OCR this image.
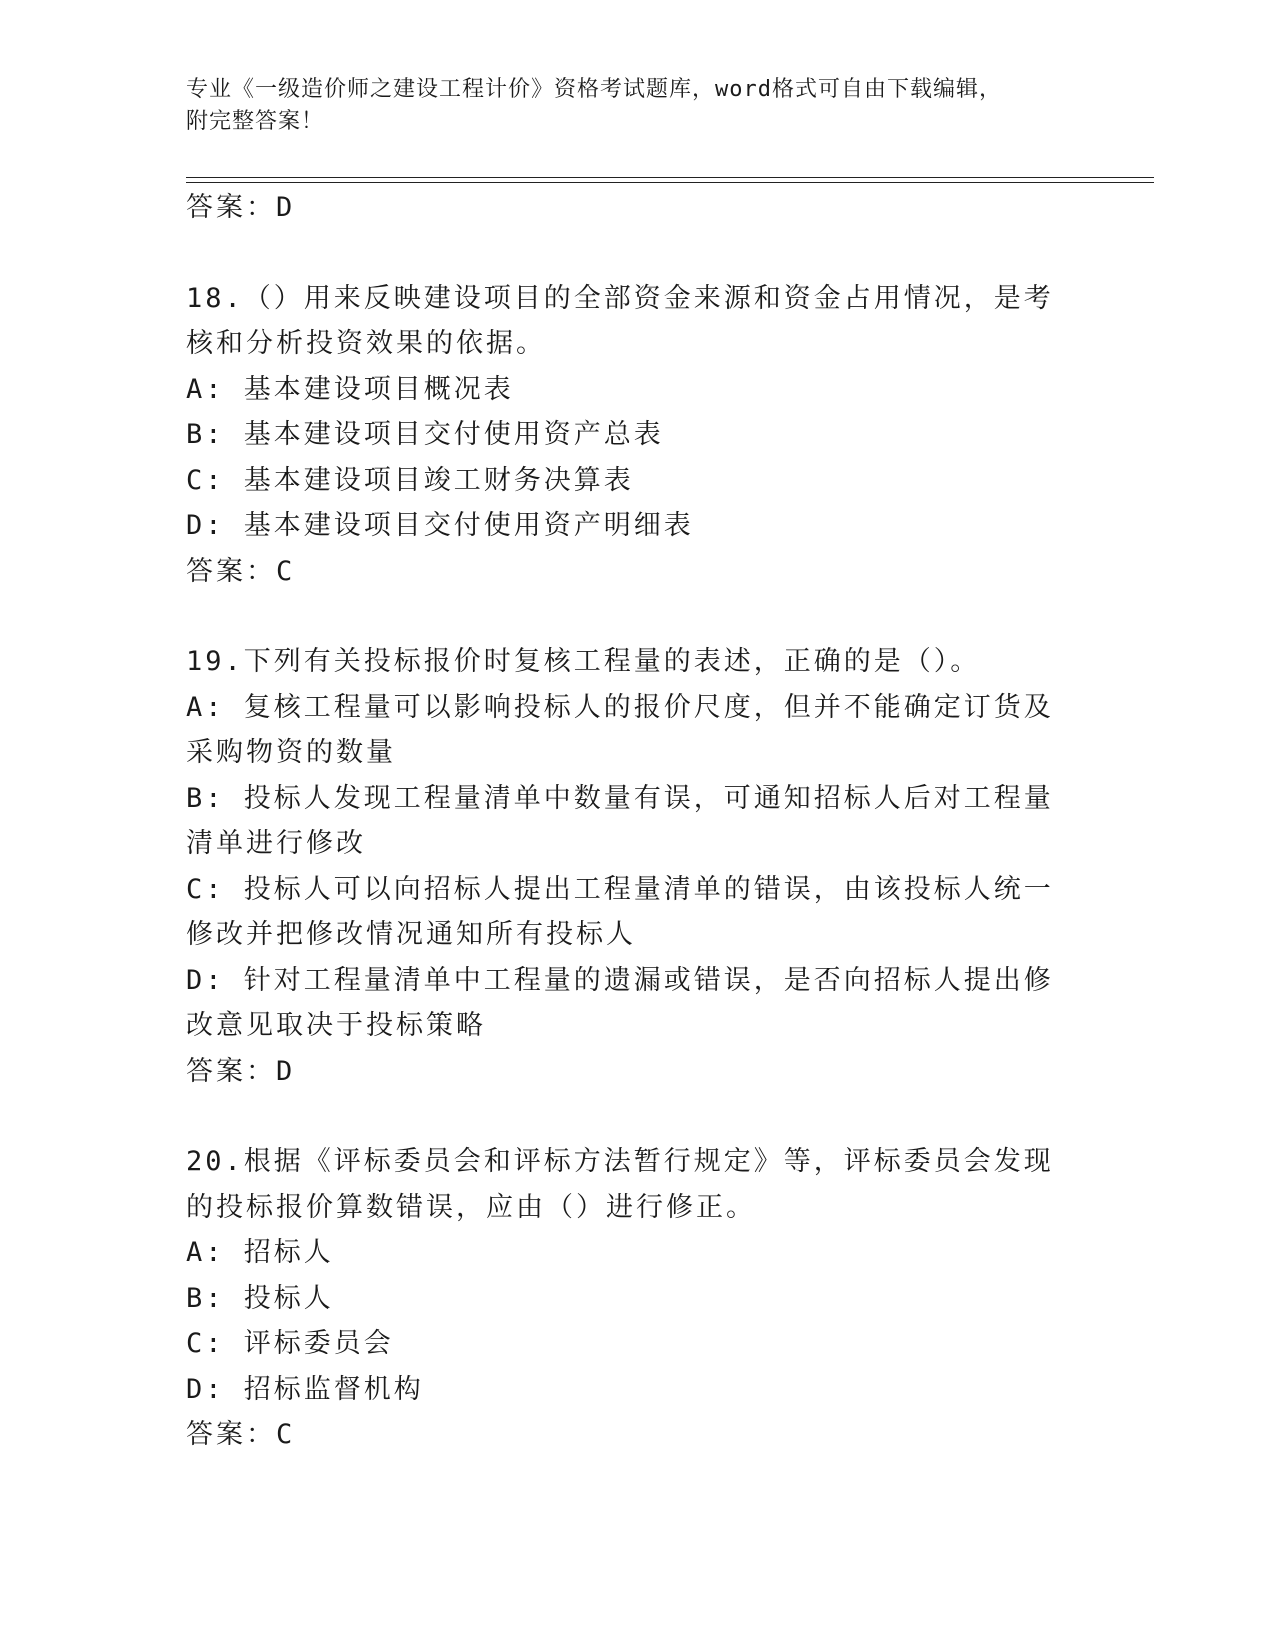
专业《一级造价师之建设工程计价》资格考试题库，word格式可自由下载编辑，
附完整答案！

答案：D

18.（）用来反映建设项目的全部资金来源和资金占用情况，是考核和分析投资效果的依据。

A: 基本建设项目概况表

B: 基本建设项目交付使用资产总表

C: 基本建设项目竣工财务决算表

D: 基本建设项目交付使用资产明细表

答案：C

19.下列有关投标报价时复核工程量的表述，正确的是（）。

A: 复核工程量可以影响投标人的报价尺度，但并不能确定订货及采购物资的数量

B: 投标人发现工程量清单中数量有误，可通知招标人后对工程量清单进行修改

C: 投标人可以向招标人提出工程量清单的错误，由该投标人统一修改并把修改情况通知所有投标人

D: 针对工程量清单中工程量的遗漏或错误，是否向招标人提出修改意见取决于投标策略

答案：D

20.根据《评标委员会和评标方法暂行规定》等，评标委员会发现的投标报价算数错误，应由（）进行修正。

A: 招标人

B: 投标人

C: 评标委员会

D: 招标监督机构

答案：C
